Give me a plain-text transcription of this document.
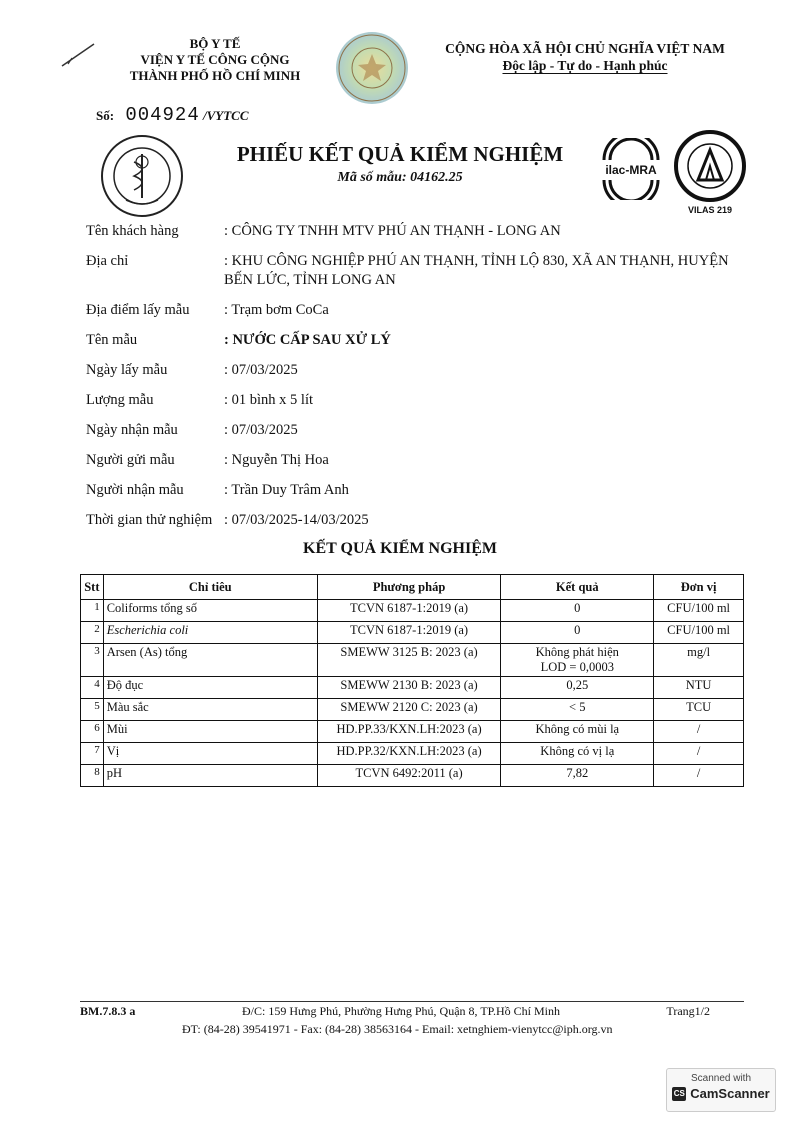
BỘ Y TẾ
VIỆN Y TẾ CÔNG CỘNG
THÀNH PHỐ HỒ CHÍ MINH
CỘNG HÒA XÃ HỘI CHỦ NGHĨA VIỆT NAM
Độc lập - Tự do - Hạnh phúc
Số: 004924 /VYTCC
PHIẾU KẾT QUẢ KIỂM NGHIỆM
Mã số mẫu: 04162.25	ilac-MRA
VILAS 219
Tên khách hàng	: CÔNG TY TNHH MTV PHÚ AN THẠNH - LONG AN
Địa chỉ	: KHU CÔNG NGHIỆP PHÚ AN THẠNH, TỈNH LỘ 830, XÃ AN THẠNH, HUYỆN BẾN LỨC, TỈNH LONG AN
Địa điểm lấy mẫu	: Trạm bơm CoCa
Tên mẫu	: NƯỚC CẤP SAU XỬ LÝ
Ngày lấy mẫu	: 07/03/2025
Lượng mẫu	: 01 bình x 5 lít
Ngày nhận mẫu	: 07/03/2025
Người gửi mẫu	: Nguyễn Thị Hoa
Người nhận mẫu	: Trần Duy Trâm Anh
Thời gian thử nghiệm : 07/03/2025-14/03/2025
KẾT QUẢ KIỂM NGHIỆM
Stt	Chỉ tiêu	Phương pháp	Kết quả	Đơn vị
1	Coliforms tổng số	TCVN 6187-1:2019 (a)	0	CFU/100 ml
2	Escherichia coli	TCVN 6187-1:2019 (a)	0	CFU/100 ml
3	Arsen (As) tổng	SMEWW 3125 B: 2023 (a)	Không phát hiện
LOD = 0,0003	mg/l
4	Độ đục	SMEWW 2130 B: 2023 (a)	0,25	NTU
5	Màu sắc	SMEWW 2120 C: 2023 (a)	< 5	TCU
6	Mùi	HD.PP.33/KXN.LH:2023 (a)	Không có mùi lạ	/
7	Vị	HD.PP.32/KXN.LH:2023 (a)	Không có vị lạ	/
8	pH	TCVN 6492:2011 (a)	7,82	/
BM.7.8.3 a	Đ/C: 159 Hưng Phú, Phường Hưng Phú, Quận 8, TP.Hồ Chí Minh	Trang1/2
ĐT: (84-28) 39541971 - Fax: (84-28) 38563164 - Email: xetnghiem-vienytcc@iph.org.vn
Scanned with
CS CamScanner
